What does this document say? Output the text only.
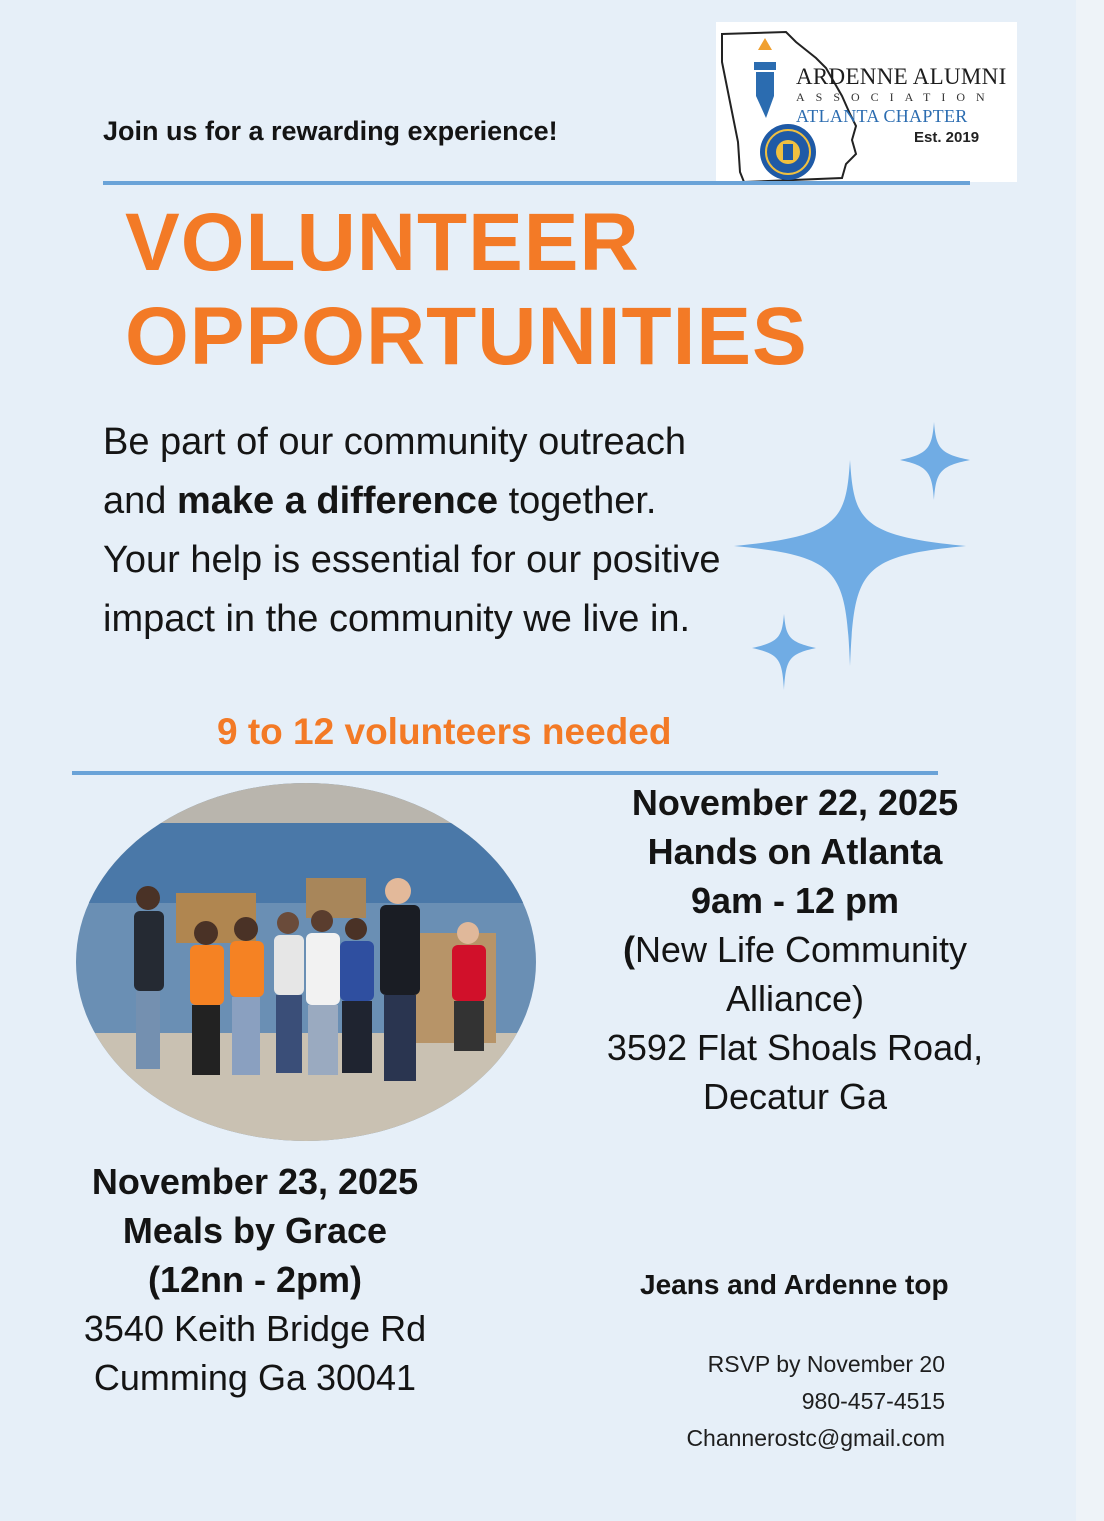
Join us for a rewarding experience!
ARDENNE ALUMNI
ASSOCIATION
ATLANTA CHAPTER
Est. 2019
VOLUNTEER
OPPORTUNITIES

Be part of our community outreach and make a difference together. Your help is essential for our positive impact in the community we live in.

9 to 12 volunteers needed
November 22, 2025
Hands on Atlanta
9am - 12 pm
(New Life Community Alliance)
3592 Flat Shoals Road,
Decatur Ga
November 23, 2025
Meals by Grace
(12nn - 2pm)
3540 Keith Bridge Rd
Cumming Ga 30041
Jeans and Ardenne top
RSVP by November 20
980-457-4515
Channerostc@gmail.com
